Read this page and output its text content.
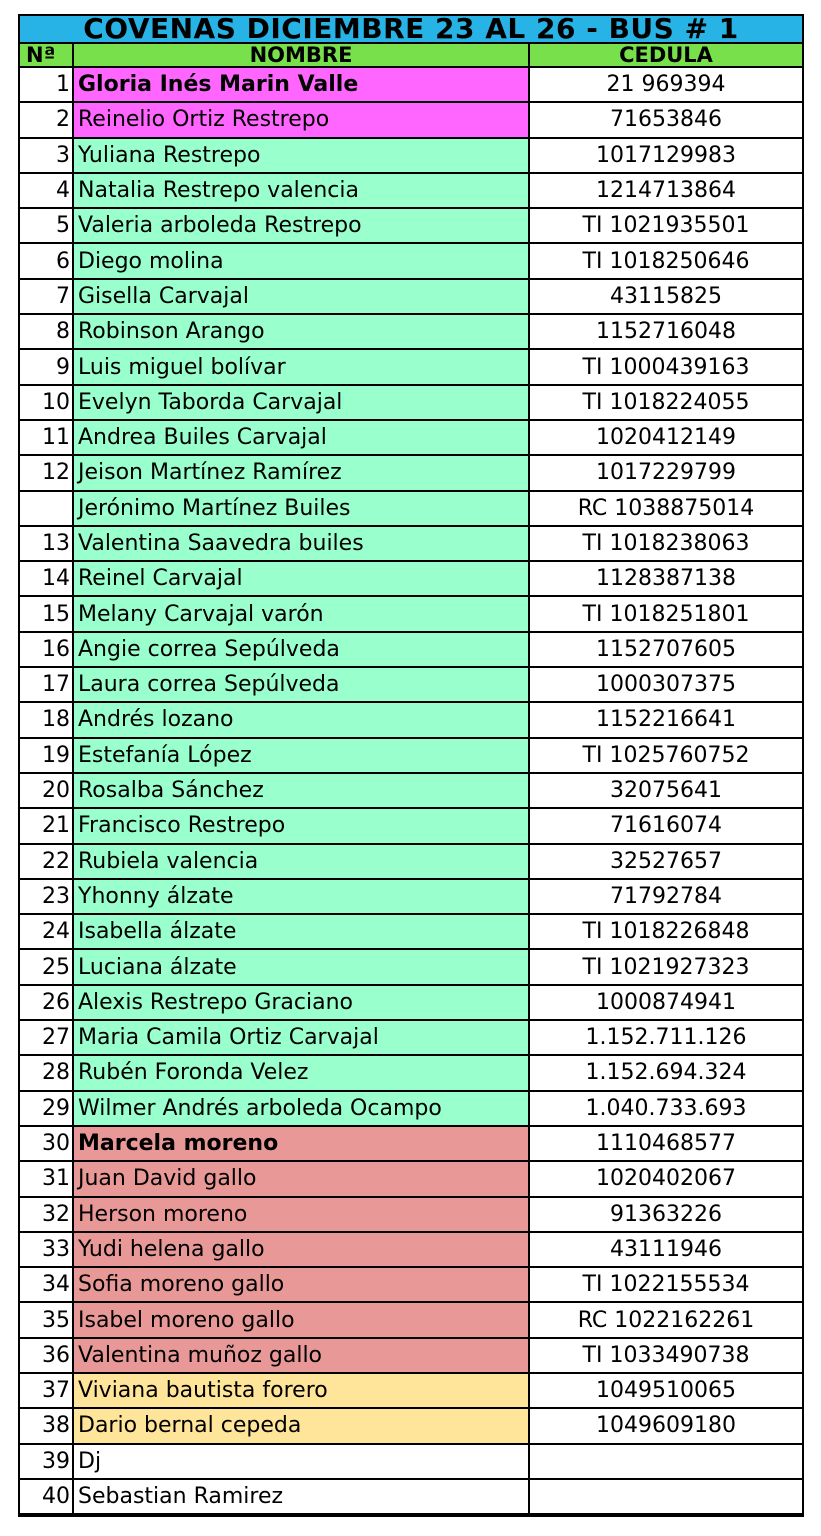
COVENAS DICIEMBRE 23 AL 26 - BUS # 1
Nª	NOMBRE	CEDULA
1	Gloria Inés Marin Valle	21 969394
2	Reinelio Ortiz Restrepo	71653846
3	Yuliana Restrepo	1017129983
4	Natalia Restrepo valencia	1214713864
5	Valeria arboleda Restrepo	TI 1021935501
6	Diego molina	TI 1018250646
7	Gisella Carvajal	43115825
8	Robinson Arango	1152716048
9	Luis miguel bolívar	TI 1000439163
10	Evelyn Taborda Carvajal	TI 1018224055
11	Andrea Builes Carvajal	1020412149
12	Jeison Martínez Ramírez	1017229799
	Jerónimo Martínez Builes	RC 1038875014
13	Valentina Saavedra builes	TI 1018238063
14	Reinel Carvajal	1128387138
15	Melany Carvajal varón	TI 1018251801
16	Angie correa Sepúlveda	1152707605
17	Laura correa Sepúlveda	1000307375
18	Andrés lozano	1152216641
19	Estefanía López	TI 1025760752
20	Rosalba Sánchez	32075641
21	Francisco Restrepo	71616074
22	Rubiela valencia	32527657
23	Yhonny álzate	71792784
24	Isabella álzate	TI 1018226848
25	Luciana álzate	TI 1021927323
26	Alexis Restrepo Graciano	1000874941
27	Maria Camila Ortiz Carvajal	1.152.711.126
28	Rubén Foronda Velez	1.152.694.324
29	Wilmer Andrés arboleda Ocampo	1.040.733.693
30	Marcela moreno	1110468577
31	Juan David gallo	1020402067
32	Herson moreno	91363226
33	Yudi helena gallo	43111946
34	Sofia moreno gallo	TI 1022155534
35	Isabel moreno gallo	RC 1022162261
36	Valentina muñoz gallo	TI 1033490738
37	Viviana bautista forero	1049510065
38	Dario bernal cepeda	1049609180
39	Dj	
40	Sebastian Ramirez	
